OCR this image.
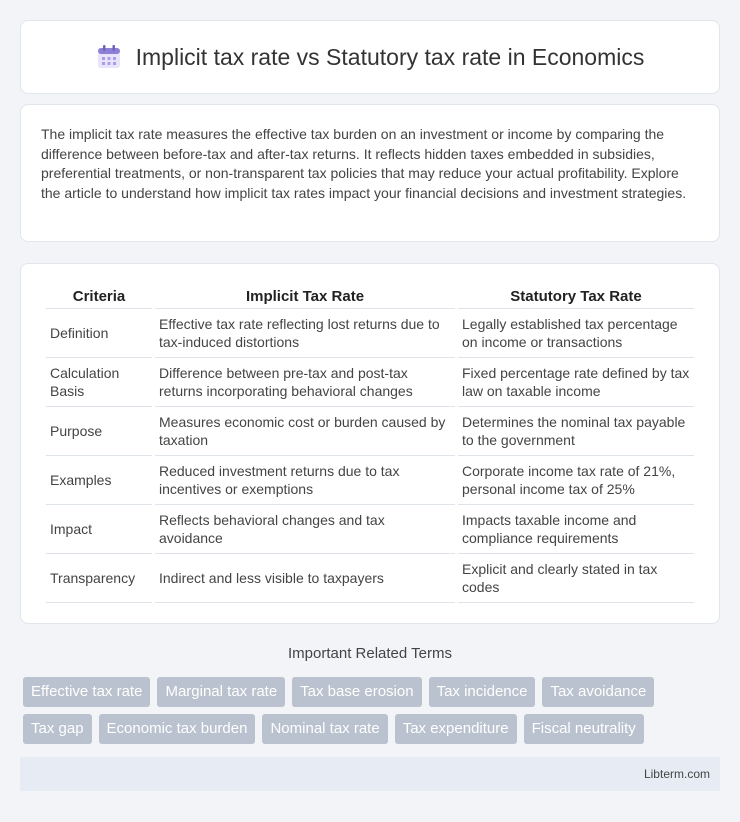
Implicit tax rate vs Statutory tax rate in Economics

The implicit tax rate measures the effective tax burden on an investment or income by comparing the difference between before-tax and after-tax returns. It reflects hidden taxes embedded in subsidies, preferential treatments, or non-transparent tax policies that may reduce your actual profitability. Explore the article to understand how implicit tax rates impact your financial decisions and investment strategies.

Criteria	Implicit Tax Rate	Statutory Tax Rate
Definition	Effective tax rate reflecting lost returns due to tax-induced distortions	Legally established tax percentage on income or transactions
Calculation Basis	Difference between pre-tax and post-tax returns incorporating behavioral changes	Fixed percentage rate defined by tax law on taxable income
Purpose	Measures economic cost or burden caused by taxation	Determines the nominal tax payable to the government
Examples	Reduced investment returns due to tax incentives or exemptions	Corporate income tax rate of 21%, personal income tax of 25%
Impact	Reflects behavioral changes and tax avoidance	Impacts taxable income and compliance requirements
Transparency	Indirect and less visible to taxpayers	Explicit and clearly stated in tax codes
Important Related Terms
Effective tax rate	Marginal tax rate	Tax base erosion	Tax incidence	Tax avoidance
Tax gap	Economic tax burden	Nominal tax rate	Tax expenditure	Fiscal neutrality
Libterm.com
